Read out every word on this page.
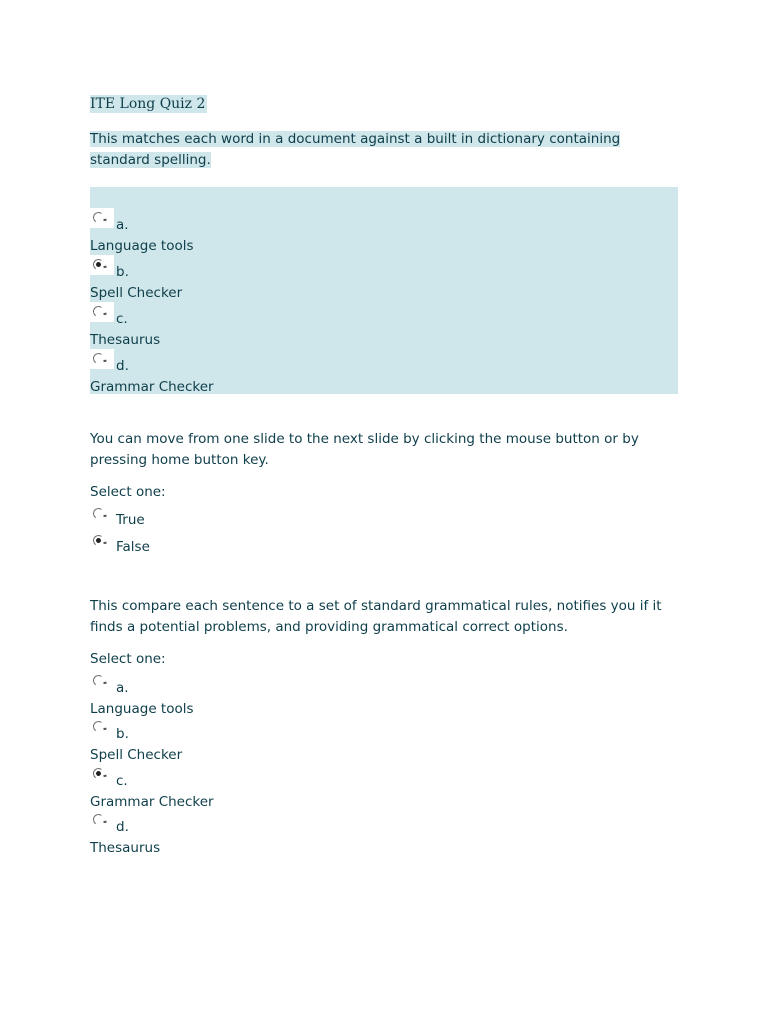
ITE Long Quiz 2
This matches each word in a document against a built in dictionary containing standard spelling.
a.
Language tools
b.
Spell Checker
c.
Thesaurus
d.
Grammar Checker
You can move from one slide to the next slide by clicking the mouse button or by pressing home button key.
Select one:
True
False
This compare each sentence to a set of standard grammatical rules, notifies you if it finds a potential problems, and providing grammatical correct options.
Select one:
a.
Language tools
b.
Spell Checker
c.
Grammar Checker
d.
Thesaurus
